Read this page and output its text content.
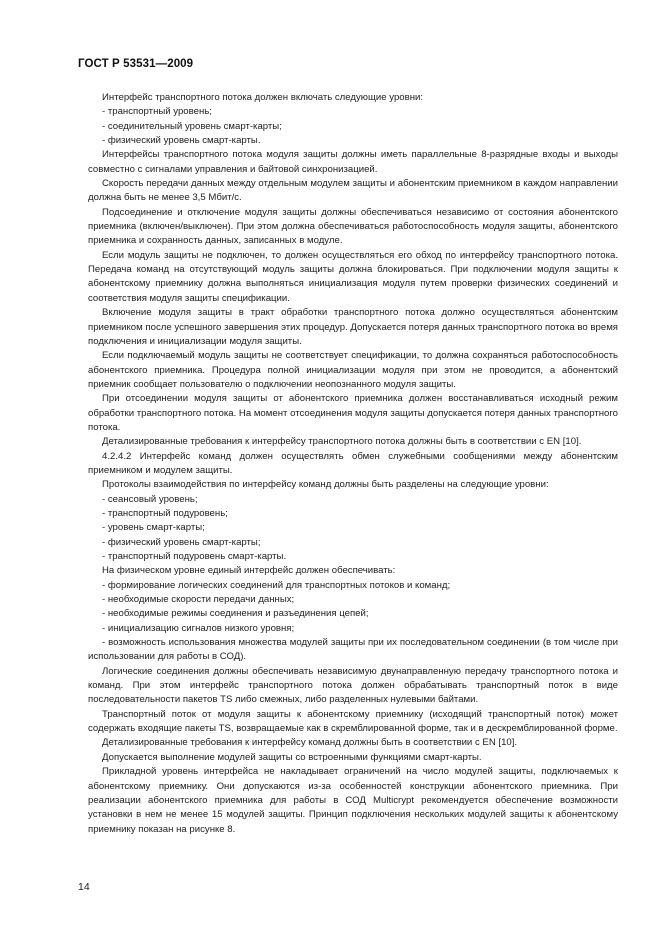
ГОСТ Р 53531—2009

Интерфейс транспортного потока должен включать следующие уровни:

- транспортный уровень;

- соединительный уровень смарт-карты;

- физический уровень смарт-карты.

Интерфейсы транспортного потока модуля защиты должны иметь параллельные 8-разрядные входы и выходы совместно с сигналами управления и байтовой синхронизацией.

Скорость передачи данных между отдельным модулем защиты и абонентским приемником в каждом направлении должна быть не менее 3,5 Мбит/с.

Подсоединение и отключение модуля защиты должны обеспечиваться независимо от состояния абонентского приемника (включен/выключен). При этом должна обеспечиваться работоспособность модуля защиты, абонентского приемника и сохранность данных, записанных в модуле.

Если модуль защиты не подключен, то должен осуществляться его обход по интерфейсу транспортного потока. Передача команд на отсутствующий модуль защиты должна блокироваться. При подключении модуля защиты к абонентскому приемнику должна выполняться инициализация модуля путем проверки физических соединений и соответствия модуля защиты спецификации.

Включение модуля защиты в тракт обработки транспортного потока должно осуществляться абонентским приемником после успешного завершения этих процедур. Допускается потеря данных транспортного потока во время подключения и инициализации модуля защиты.

Если подключаемый модуль защиты не соответствует спецификации, то должна сохраняться работоспособность абонентского приемника. Процедура полной инициализации модуля при этом не проводится, а абонентский приемник сообщает пользователю о подключении неопознанного модуля защиты.

При отсоединении модуля защиты от абонентского приемника должен восстанавливаться исходный режим обработки транспортного потока. На момент отсоединения модуля защиты допускается потеря данных транспортного потока.

Детализированные требования к интерфейсу транспортного потока должны быть в соответствии с EN [10].

4.2.4.2 Интерфейс команд должен осуществлять обмен служебными сообщениями между абонентским приемником и модулем защиты.

Протоколы взаимодействия по интерфейсу команд должны быть разделены на следующие уровни:

- сеансовый уровень;

- транспортный подуровень;

- уровень смарт-карты;

- физический уровень смарт-карты;

- транспортный подуровень смарт-карты.

На физическом уровне единый интерфейс должен обеспечивать:

- формирование логических соединений для транспортных потоков и команд;

- необходимые скорости передачи данных;

- необходимые режимы соединения и разъединения цепей;

- инициализацию сигналов низкого уровня;

- возможность использования множества модулей защиты при их последовательном соединении (в том числе при использовании для работы в СОД).

Логические соединения должны обеспечивать независимую двунаправленную передачу транспортного потока и команд. При этом интерфейс транспортного потока должен обрабатывать транспортный поток в виде последовательности пакетов TS либо смежных, либо разделенных нулевыми байтами.

Транспортный поток от модуля защиты к абонентскому приемнику (исходящий транспортный поток) может содержать входящие пакеты TS, возвращаемые как в скремблированной форме, так и в дескремблированной форме.

Детализированные требования к интерфейсу команд должны быть в соответствии с EN [10].

Допускается выполнение модулей защиты со встроенными функциями смарт-карты.

Прикладной уровень интерфейса не накладывает ограничений на число модулей защиты, подключаемых к абонентскому приемнику. Они допускаются из-за особенностей конструкции абонентского приемника. При реализации абонентского приемника для работы в СОД Multicrypt рекомендуется обеспечение возможности установки в нем не менее 15 модулей защиты. Принцип подключения нескольких модулей защиты к абонентскому приемнику показан на рисунке 8.

14
